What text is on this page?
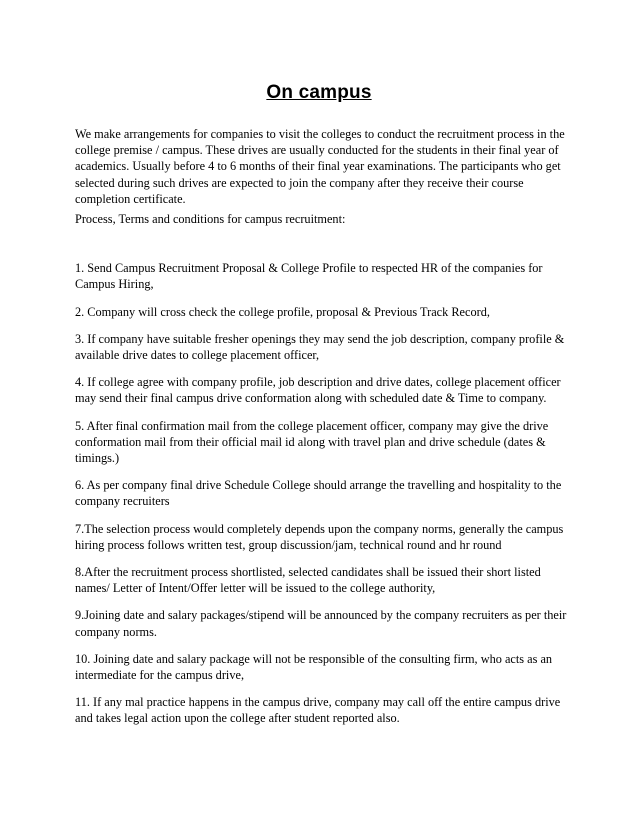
On campus

We make arrangements for companies to visit the colleges to conduct the recruitment process in the college premise / campus. These drives are usually conducted for the students in their final year of academics. Usually before 4 to 6 months of their final year examinations. The participants who get selected during such drives are expected to join the company after they receive their course completion certificate.

Process, Terms and conditions for campus recruitment:

1. Send Campus Recruitment Proposal & College Profile to respected HR of the companies for Campus Hiring,
2. Company will cross check the college profile, proposal & Previous Track Record,
3. If company have suitable fresher openings they may send the job description, company profile & available drive dates to college placement officer,
4. If college agree with company profile, job description and drive dates, college placement officer may send their final campus drive conformation along with scheduled date & Time to company.
5. After final confirmation mail from the college placement officer, company may give the drive conformation mail from their official mail id along with travel plan and drive schedule (dates & timings.)
6. As per company final drive Schedule College should arrange the travelling and hospitality to the company recruiters
7.The selection process would completely depends upon the company norms, generally the campus hiring process follows written test, group discussion/jam, technical round and hr round
8.After the recruitment process shortlisted, selected candidates shall be issued their short listed names/ Letter of Intent/Offer letter will be issued to the college authority,
9.Joining date and salary packages/stipend will be announced by the company recruiters as per their company norms.
10. Joining date and salary package will not be responsible of the consulting firm, who acts as an intermediate for the campus drive,
11. If any mal practice happens in the campus drive, company may call off the entire campus drive and takes legal action upon the college after student reported also.
